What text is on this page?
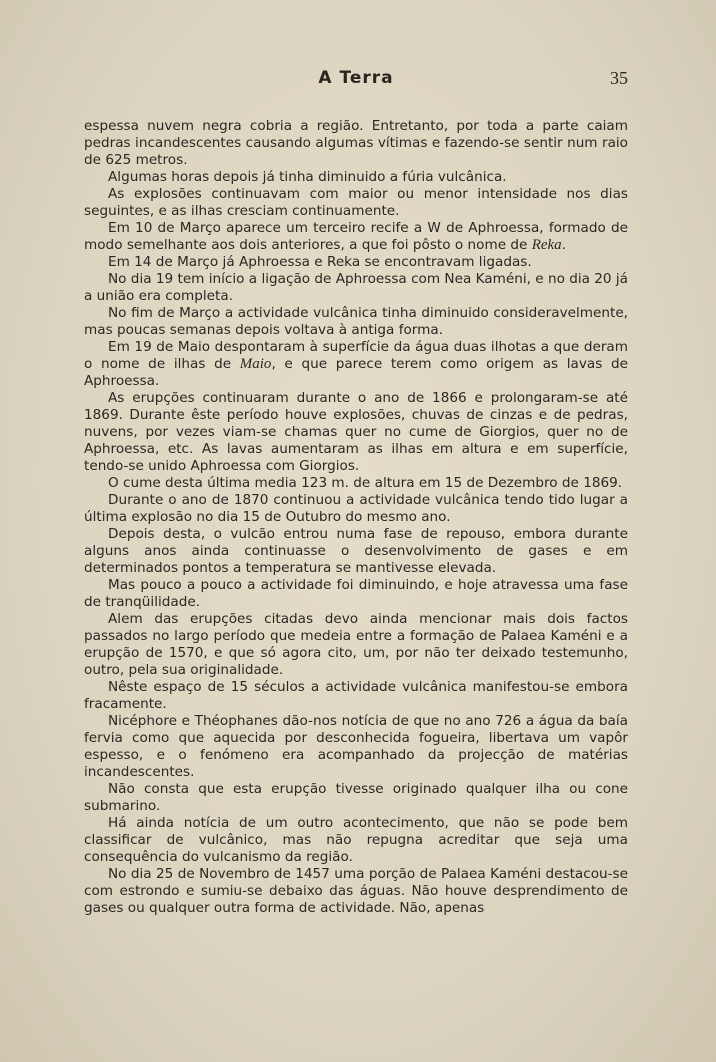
A Terra	35

espessa nuvem negra cobria a região. Entretanto, por toda a parte caiam pedras incandescentes causando algumas vítimas e fazendo-se sentir num raio de 625 metros.

Algumas horas depois já tinha diminuido a fúria vulcânica.

As explosões continuavam com maior ou menor intensidade nos dias seguintes, e as ilhas cresciam continuamente.

Em 10 de Março aparece um terceiro recife a W de Aphroessa, formado de modo semelhante aos dois anteriores, a que foi pôsto o nome de Reka.

Em 14 de Março já Aphroessa e Reka se encontravam ligadas.

No dia 19 tem início a ligação de Aphroessa com Nea Kaméni, e no dia 20 já a união era completa.

No fim de Março a actividade vulcânica tinha diminuido consideravelmente, mas poucas semanas depois voltava à antiga forma.

Em 19 de Maio despontaram à superfície da água duas ilhotas a que deram o nome de ilhas de Maio, e que parece terem como origem as lavas de Aphroessa.

As erupções continuaram durante o ano de 1866 e prolongaram-se até 1869. Durante êste período houve explosões, chuvas de cinzas e de pedras, nuvens, por vezes viam-se chamas quer no cume de Giorgios, quer no de Aphroessa, etc. As lavas aumentaram as ilhas em altura e em superfície, tendo-se unido Aphroessa com Giorgios.

O cume desta última media 123 m. de altura em 15 de Dezembro de 1869.

Durante o ano de 1870 continuou a actividade vulcânica tendo tido lugar a última explosão no dia 15 de Outubro do mesmo ano.

Depois desta, o vulcão entrou numa fase de repouso, embora durante alguns anos ainda continuasse o desenvolvimento de gases e em determinados pontos a temperatura se mantivesse elevada.

Mas pouco a pouco a actividade foi diminuindo, e hoje atravessa uma fase de tranqüilidade.

Alem das erupções citadas devo ainda mencionar mais dois factos passados no largo período que medeia entre a formação de Palaea Kaméni e a erupção de 1570, e que só agora cito, um, por não ter deixado testemunho, outro, pela sua originalidade.

Nêste espaço de 15 séculos a actividade vulcânica manifestou-se embora fracamente.

Nicéphore e Théophanes dão-nos notícia de que no ano 726 a água da baía fervia como que aquecida por desconhecida fogueira, libertava um vapôr espesso, e o fenómeno era acompanhado da projecção de matérias incandescentes.

Não consta que esta erupção tivesse originado qualquer ilha ou cone submarino.

Há ainda notícia de um outro acontecimento, que não se pode bem classificar de vulcânico, mas não repugna acreditar que seja uma consequência do vulcanismo da região.

No dia 25 de Novembro de 1457 uma porção de Palaea Kaméni destacou-se com estrondo e sumiu-se debaixo das águas. Não houve desprendimento de gases ou qualquer outra forma de actividade. Não, apenas
